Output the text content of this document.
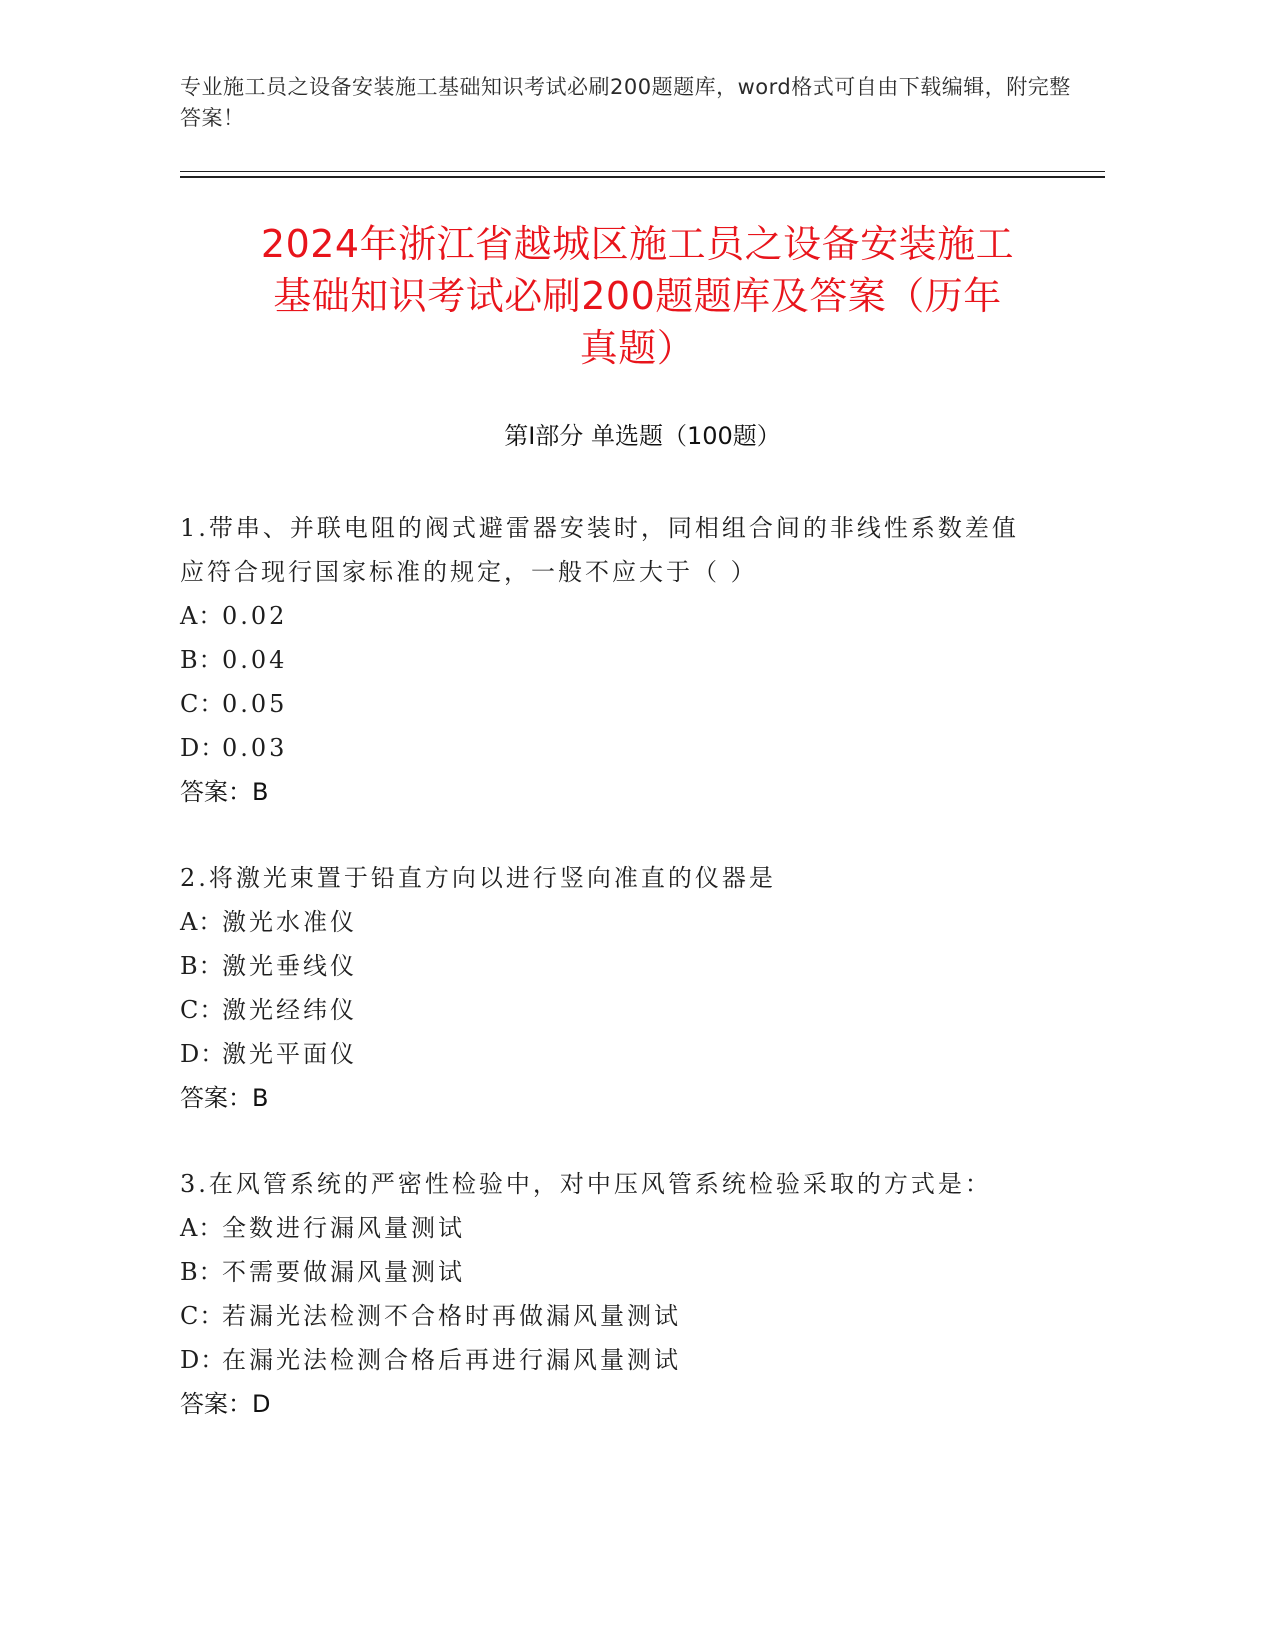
专业施工员之设备安装施工基础知识考试必刷200题题库，word格式可自由下载编辑，附完整答案！
2024年浙江省越城区施工员之设备安装施工
基础知识考试必刷200题题库及答案（历年
真题）
第I部分 单选题（100题）
1.带串、并联电阻的阀式避雷器安装时，同相组合间的非线性系数差值应符合现行国家标准的规定，一般不应大于（ ）
A：0.02
B：0.04
C：0.05
D：0.03
答案：B
2.将激光束置于铅直方向以进行竖向准直的仪器是
A：激光水准仪
B：激光垂线仪
C：激光经纬仪
D：激光平面仪
答案：B
3.在风管系统的严密性检验中，对中压风管系统检验采取的方式是：
A：全数进行漏风量测试
B：不需要做漏风量测试
C：若漏光法检测不合格时再做漏风量测试
D：在漏光法检测合格后再进行漏风量测试
答案：D
